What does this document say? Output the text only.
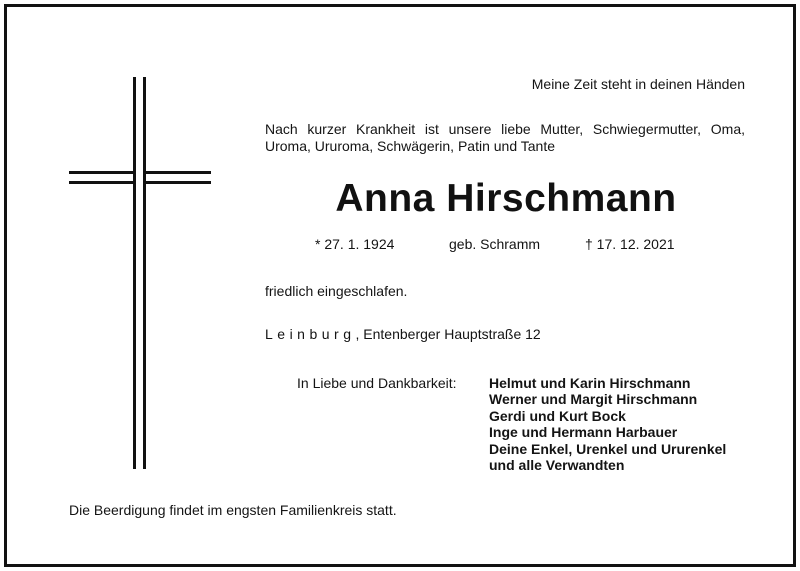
Meine Zeit steht in deinen Händen
Nach kurzer Krankheit ist unsere liebe Mutter, Schwiegermutter, Oma, Uroma, Ururoma, Schwägerin, Patin und Tante
Anna Hirschmann
* 27. 1. 1924	geb. Schramm	† 17. 12. 2021
friedlich eingeschlafen.
Leinburg, Entenberger Hauptstraße 12
In Liebe und Dankbarkeit: Helmut und Karin Hirschmann
Werner und Margit Hirschmann
Gerdi und Kurt Bock
Inge und Hermann Harbauer
Deine Enkel, Urenkel und Ururenkel
und alle Verwandten
Die Beerdigung findet im engsten Familienkreis statt.
